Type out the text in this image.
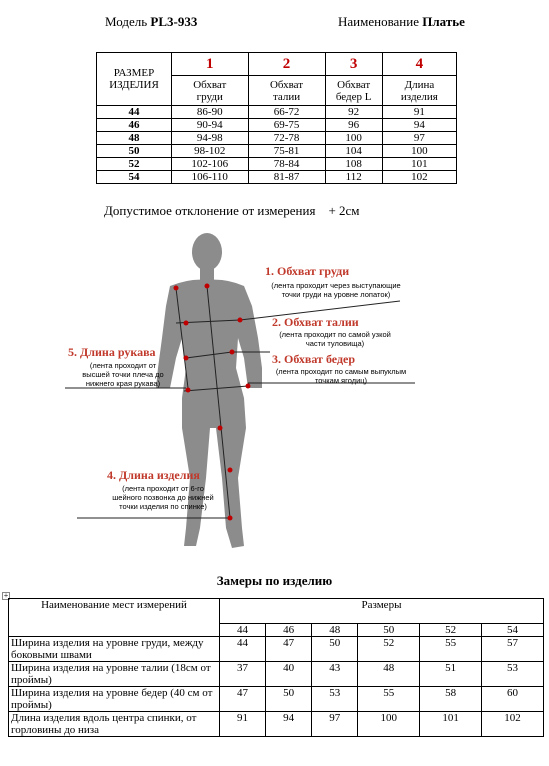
Модель PL3-933	Наименование Платье
РАЗМЕР ИЗДЕЛИЯ	1	2	3	4
	Обхват груди	Обхват талии	Обхват бедер L	Длина изделия
44	86-90	66-72	92	91
46	90-94	69-75	96	94
48	94-98	72-78	100	97
50	98-102	75-81	104	100
52	102-106	78-84	108	101
54	106-110	81-87	112	102
Допустимое отклонение от измерения    + 2см
1. Обхват груди
(лента проходит через выступающие точки груди на уровне лопаток)
2. Обхват талии
(лента проходит по самой узкой части туловища)
3. Обхват бедер
(лента проходит по самым выпуклым точкам ягодиц)
5. Длина рукава
(лента проходит от высшей точки плеча до нижнего края рукава)
4. Длина изделия
(лента проходит от 6-го шейного позвонка до нижней точки изделия по спинке)
+
Замеры по изделию
Наименование мест измерений	Размеры					
	44	46	48	50	52	54
Ширина изделия на уровне груди, между боковыми швами	44	47	50	52	55	57
Ширина изделия на уровне талии (18см от проймы)	37	40	43	48	51	53
Ширина изделия на уровне бедер (40 см от проймы)	47	50	53	55	58	60
Длина изделия вдоль центра спинки, от горловины до низа	91	94	97	100	101	102
